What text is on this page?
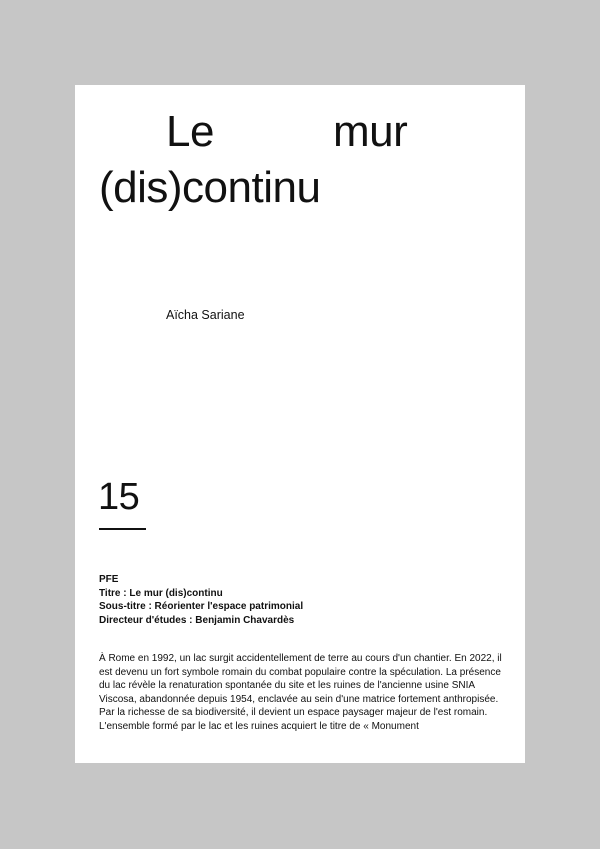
Le	mur
(dis)continu
Aïcha Sariane
15
PFE
Titre : Le mur (dis)continu
Sous-titre : Réorienter l'espace patrimonial
Directeur d'études : Benjamin Chavardès

À Rome en 1992, un lac surgit accidentellement de terre au cours d'un chantier. En 2022, il est devenu un fort symbole romain du combat populaire contre la spéculation. La présence du lac révèle la renaturation spontanée du site et les ruines de l'ancienne usine SNIA Viscosa, abandonnée depuis 1954, enclavée au sein d'une matrice fortement anthropisée. Par la richesse de sa biodiversité, il devient un espace paysager majeur de l'est romain. L'ensemble formé par le lac et les ruines acquiert le titre de « Monument
